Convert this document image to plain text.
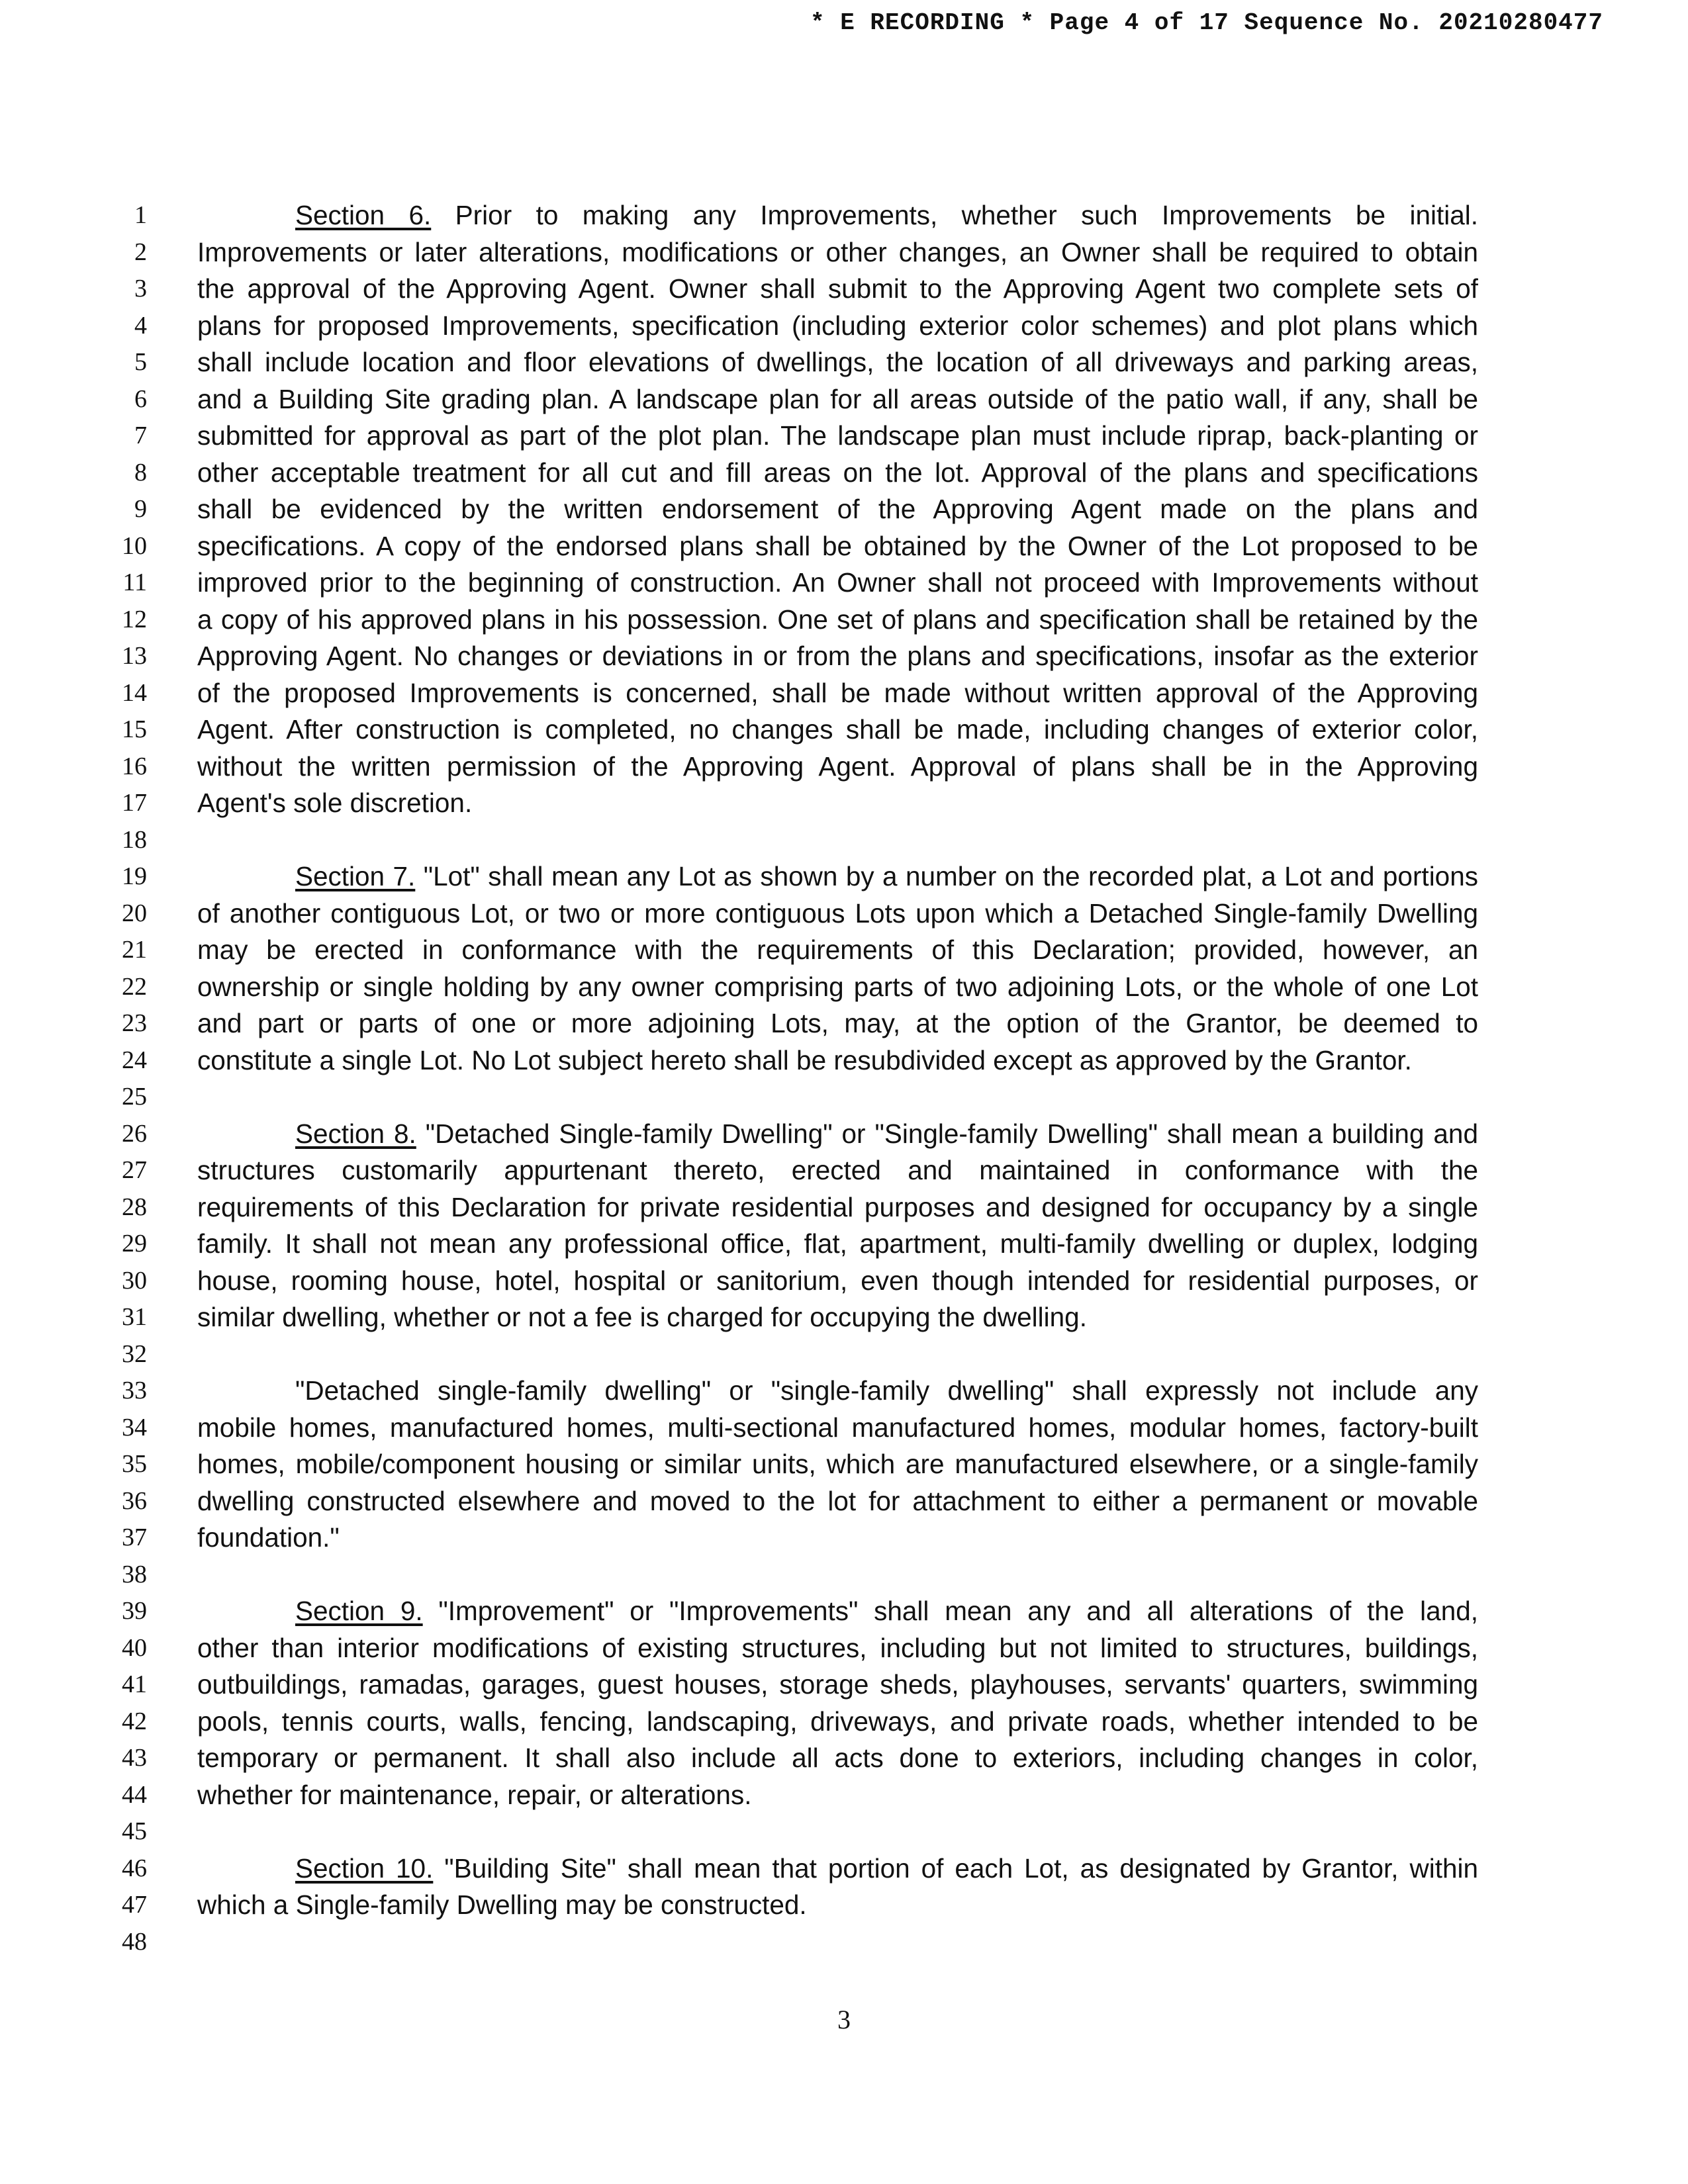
* E RECORDING * Page 4 of 17 Sequence No. 20210280477
1	Section 6. Prior to making any Improvements, whether such Improvements be initial.
2 Improvements or later alterations, modifications or other changes, an Owner shall be required to obtain
3 the approval of the Approving Agent. Owner shall submit to the Approving Agent two complete sets of
4 plans for proposed Improvements, specification (including exterior color schemes) and plot plans which
5 shall include location and floor elevations of dwellings, the location of all driveways and parking areas,
6 and a Building Site grading plan. A landscape plan for all areas outside of the patio wall, if any, shall be
7 submitted for approval as part of the plot plan. The landscape plan must include riprap, back-planting or
8 other acceptable treatment for all cut and fill areas on the lot. Approval of the plans and specifications
9 shall be evidenced by the written endorsement of the Approving Agent made on the plans and
10 specifications. A copy of the endorsed plans shall be obtained by the Owner of the Lot proposed to be
11 improved prior to the beginning of construction. An Owner shall not proceed with Improvements without
12 a copy of his approved plans in his possession. One set of plans and specification shall be retained by the
13 Approving Agent. No changes or deviations in or from the plans and specifications, insofar as the exterior
14 of the proposed Improvements is concerned, shall be made without written approval of the Approving
15 Agent. After construction is completed, no changes shall be made, including changes of exterior color,
16 without the written permission of the Approving Agent. Approval of plans shall be in the Approving
17 Agent's sole discretion.
18
19	Section 7. "Lot" shall mean any Lot as shown by a number on the recorded plat, a Lot and portions
20 of another contiguous Lot, or two or more contiguous Lots upon which a Detached Single-family Dwelling
21 may be erected in conformance with the requirements of this Declaration; provided, however, an
22 ownership or single holding by any owner comprising parts of two adjoining Lots, or the whole of one Lot
23 and part or parts of one or more adjoining Lots, may, at the option of the Grantor, be deemed to
24 constitute a single Lot. No Lot subject hereto shall be resubdivided except as approved by the Grantor.
25
26	Section 8. "Detached Single-family Dwelling" or "Single-family Dwelling" shall mean a building and
27 structures customarily appurtenant thereto, erected and maintained in conformance with the
28 requirements of this Declaration for private residential purposes and designed for occupancy by a single
29 family. It shall not mean any professional office, flat, apartment, multi-family dwelling or duplex, lodging
30 house, rooming house, hotel, hospital or sanitorium, even though intended for residential purposes, or
31 similar dwelling, whether or not a fee is charged for occupying the dwelling.
32
33	"Detached single-family dwelling" or "single-family dwelling" shall expressly not include any
34 mobile homes, manufactured homes, multi-sectional manufactured homes, modular homes, factory-built
35 homes, mobile/component housing or similar units, which are manufactured elsewhere, or a single-family
36 dwelling constructed elsewhere and moved to the lot for attachment to either a permanent or movable
37 foundation."
38
39	Section 9. "Improvement" or "Improvements" shall mean any and all alterations of the land,
40 other than interior modifications of existing structures, including but not limited to structures, buildings,
41 outbuildings, ramadas, garages, guest houses, storage sheds, playhouses, servants' quarters, swimming
42 pools, tennis courts, walls, fencing, landscaping, driveways, and private roads, whether intended to be
43 temporary or permanent. It shall also include all acts done to exteriors, including changes in color,
44 whether for maintenance, repair, or alterations.
45
46	Section 10. "Building Site" shall mean that portion of each Lot, as designated by Grantor, within
47 which a Single-family Dwelling may be constructed.
48
3
